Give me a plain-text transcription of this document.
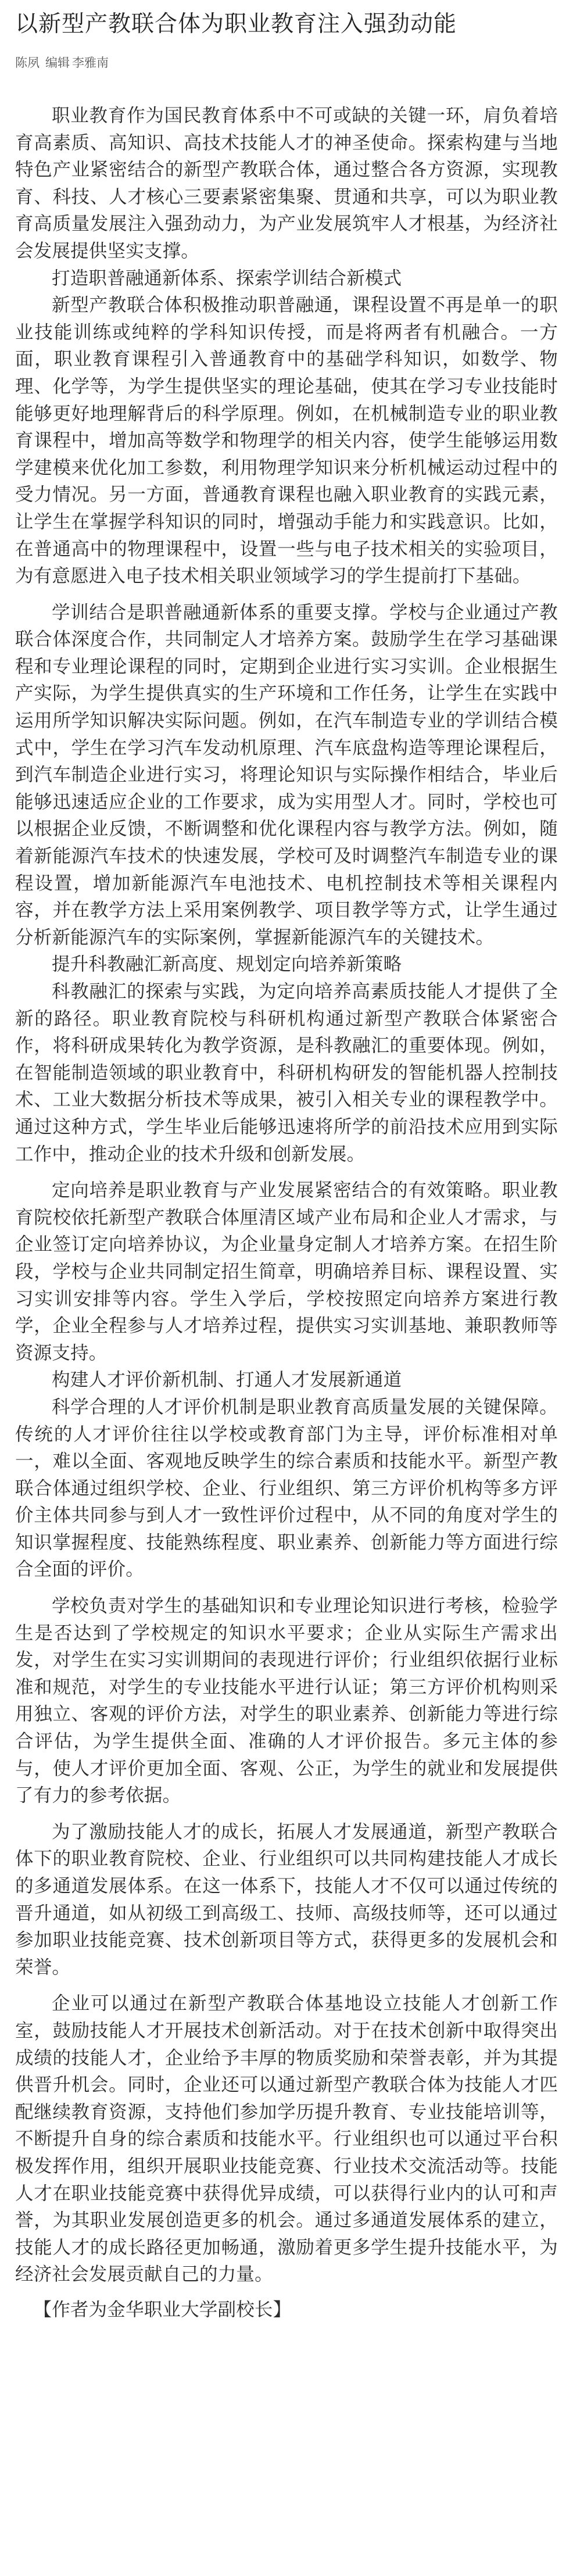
以新型产教联合体为职业教育注入强劲动能
陈夙 编辑 李雅南

职业教育作为国民教育体系中不可或缺的关键一环，肩负着培育高素质、高知识、高技术技能人才的神圣使命。探索构建与当地特色产业紧密结合的新型产教联合体，通过整合各方资源，实现教育、科技、人才核心三要素紧密集聚、贯通和共享，可以为职业教育高质量发展注入强劲动力，为产业发展筑牢人才根基，为经济社会发展提供坚实支撑。

打造职普融通新体系、探索学训结合新模式

新型产教联合体积极推动职普融通，课程设置不再是单一的职业技能训练或纯粹的学科知识传授，而是将两者有机融合。一方面，职业教育课程引入普通教育中的基础学科知识，如数学、物理、化学等，为学生提供坚实的理论基础，使其在学习专业技能时能够更好地理解背后的科学原理。例如，在机械制造专业的职业教育课程中，增加高等数学和物理学的相关内容，使学生能够运用数学建模来优化加工参数，利用物理学知识来分析机械运动过程中的受力情况。另一方面，普通教育课程也融入职业教育的实践元素，让学生在掌握学科知识的同时，增强动手能力和实践意识。比如，在普通高中的物理课程中，设置一些与电子技术相关的实验项目，为有意愿进入电子技术相关职业领域学习的学生提前打下基础。

学训结合是职普融通新体系的重要支撑。学校与企业通过产教联合体深度合作，共同制定人才培养方案。鼓励学生在学习基础课程和专业理论课程的同时，定期到企业进行实习实训。企业根据生产实际，为学生提供真实的生产环境和工作任务，让学生在实践中运用所学知识解决实际问题。例如，在汽车制造专业的学训结合模式中，学生在学习汽车发动机原理、汽车底盘构造等理论课程后，到汽车制造企业进行实习，将理论知识与实际操作相结合，毕业后能够迅速适应企业的工作要求，成为实用型人才。同时，学校也可以根据企业反馈，不断调整和优化课程内容与教学方法。例如，随着新能源汽车技术的快速发展，学校可及时调整汽车制造专业的课程设置，增加新能源汽车电池技术、电机控制技术等相关课程内容，并在教学方法上采用案例教学、项目教学等方式，让学生通过分析新能源汽车的实际案例，掌握新能源汽车的关键技术。

提升科教融汇新高度、规划定向培养新策略

科教融汇的探索与实践，为定向培养高素质技能人才提供了全新的路径。职业教育院校与科研机构通过新型产教联合体紧密合作，将科研成果转化为教学资源，是科教融汇的重要体现。例如，在智能制造领域的职业教育中，科研机构研发的智能机器人控制技术、工业大数据分析技术等成果，被引入相关专业的课程教学中。通过这种方式，学生毕业后能够迅速将所学的前沿技术应用到实际工作中，推动企业的技术升级和创新发展。

定向培养是职业教育与产业发展紧密结合的有效策略。职业教育院校依托新型产教联合体厘清区域产业布局和企业人才需求，与企业签订定向培养协议，为企业量身定制人才培养方案。在招生阶段，学校与企业共同制定招生简章，明确培养目标、课程设置、实习实训安排等内容。学生入学后，学校按照定向培养方案进行教学，企业全程参与人才培养过程，提供实习实训基地、兼职教师等资源支持。

构建人才评价新机制、打通人才发展新通道

科学合理的人才评价机制是职业教育高质量发展的关键保障。传统的人才评价往往以学校或教育部门为主导，评价标准相对单一，难以全面、客观地反映学生的综合素质和技能水平。新型产教联合体通过组织学校、企业、行业组织、第三方评价机构等多方评价主体共同参与到人才一致性评价过程中，从不同的角度对学生的知识掌握程度、技能熟练程度、职业素养、创新能力等方面进行综合全面的评价。

学校负责对学生的基础知识和专业理论知识进行考核，检验学生是否达到了学校规定的知识水平要求；企业从实际生产需求出发，对学生在实习实训期间的表现进行评价；行业组织依据行业标准和规范，对学生的专业技能水平进行认证；第三方评价机构则采用独立、客观的评价方法，对学生的职业素养、创新能力等进行综合评估，为学生提供全面、准确的人才评价报告。多元主体的参与，使人才评价更加全面、客观、公正，为学生的就业和发展提供了有力的参考依据。

为了激励技能人才的成长，拓展人才发展通道，新型产教联合体下的职业教育院校、企业、行业组织可以共同构建技能人才成长的多通道发展体系。在这一体系下，技能人才不仅可以通过传统的晋升通道，如从初级工到高级工、技师、高级技师等，还可以通过参加职业技能竞赛、技术创新项目等方式，获得更多的发展机会和荣誉。

企业可以通过在新型产教联合体基地设立技能人才创新工作室，鼓励技能人才开展技术创新活动。对于在技术创新中取得突出成绩的技能人才，企业给予丰厚的物质奖励和荣誉表彰，并为其提供晋升机会。同时，企业还可以通过新型产教联合体为技能人才匹配继续教育资源，支持他们参加学历提升教育、专业技能培训等，不断提升自身的综合素质和技能水平。行业组织也可以通过平台积极发挥作用，组织开展职业技能竞赛、行业技术交流活动等。技能人才在职业技能竞赛中获得优异成绩，可以获得行业内的认可和声誉，为其职业发展创造更多的机会。通过多通道发展体系的建立，技能人才的成长路径更加畅通，激励着更多学生提升技能水平，为经济社会发展贡献自己的力量。

【作者为金华职业大学副校长】
